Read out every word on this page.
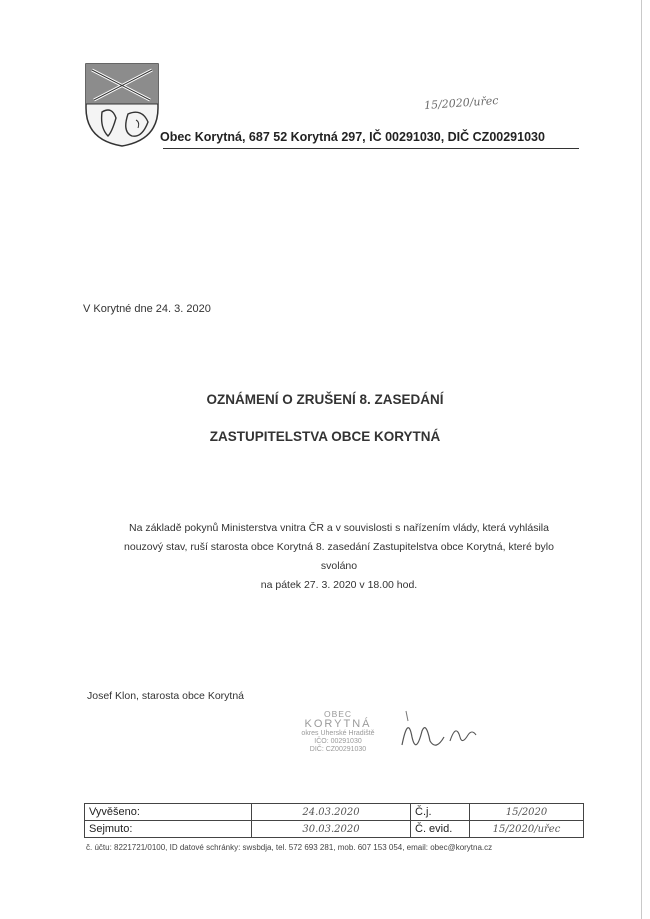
15/2020/uřec
Obec Korytná, 687 52 Korytná 297, IČ 00291030, DIČ CZ00291030
V Korytné dne 24. 3. 2020
OZNÁMENÍ O ZRUŠENÍ 8. ZASEDÁNÍ
ZASTUPITELSTVA OBCE KORYTNÁ
Na základě pokynů Ministerstva vnitra ČR a v souvislosti s nařízením vlády, která vyhlásila
nouzový stav, ruší starosta obce Korytná 8. zasedání Zastupitelstva obce Korytná, které bylo
svoláno
na pátek 27. 3. 2020 v 18.00 hod.
Josef Klon, starosta obce Korytná
OBEC
KORYTNÁ
okres Uherské Hradiště
IČO: 00291030
DIČ: CZ00291030
Vyvěšeno:	24.03.2020	Č.j.	15/2020
Sejmuto:	30.03.2020	Č. evid.	15/2020/uřec
č. účtu: 8221721/0100, ID datové schránky: swsbdja, tel. 572 693 281, mob. 607 153 054, email: obec@korytna.cz
